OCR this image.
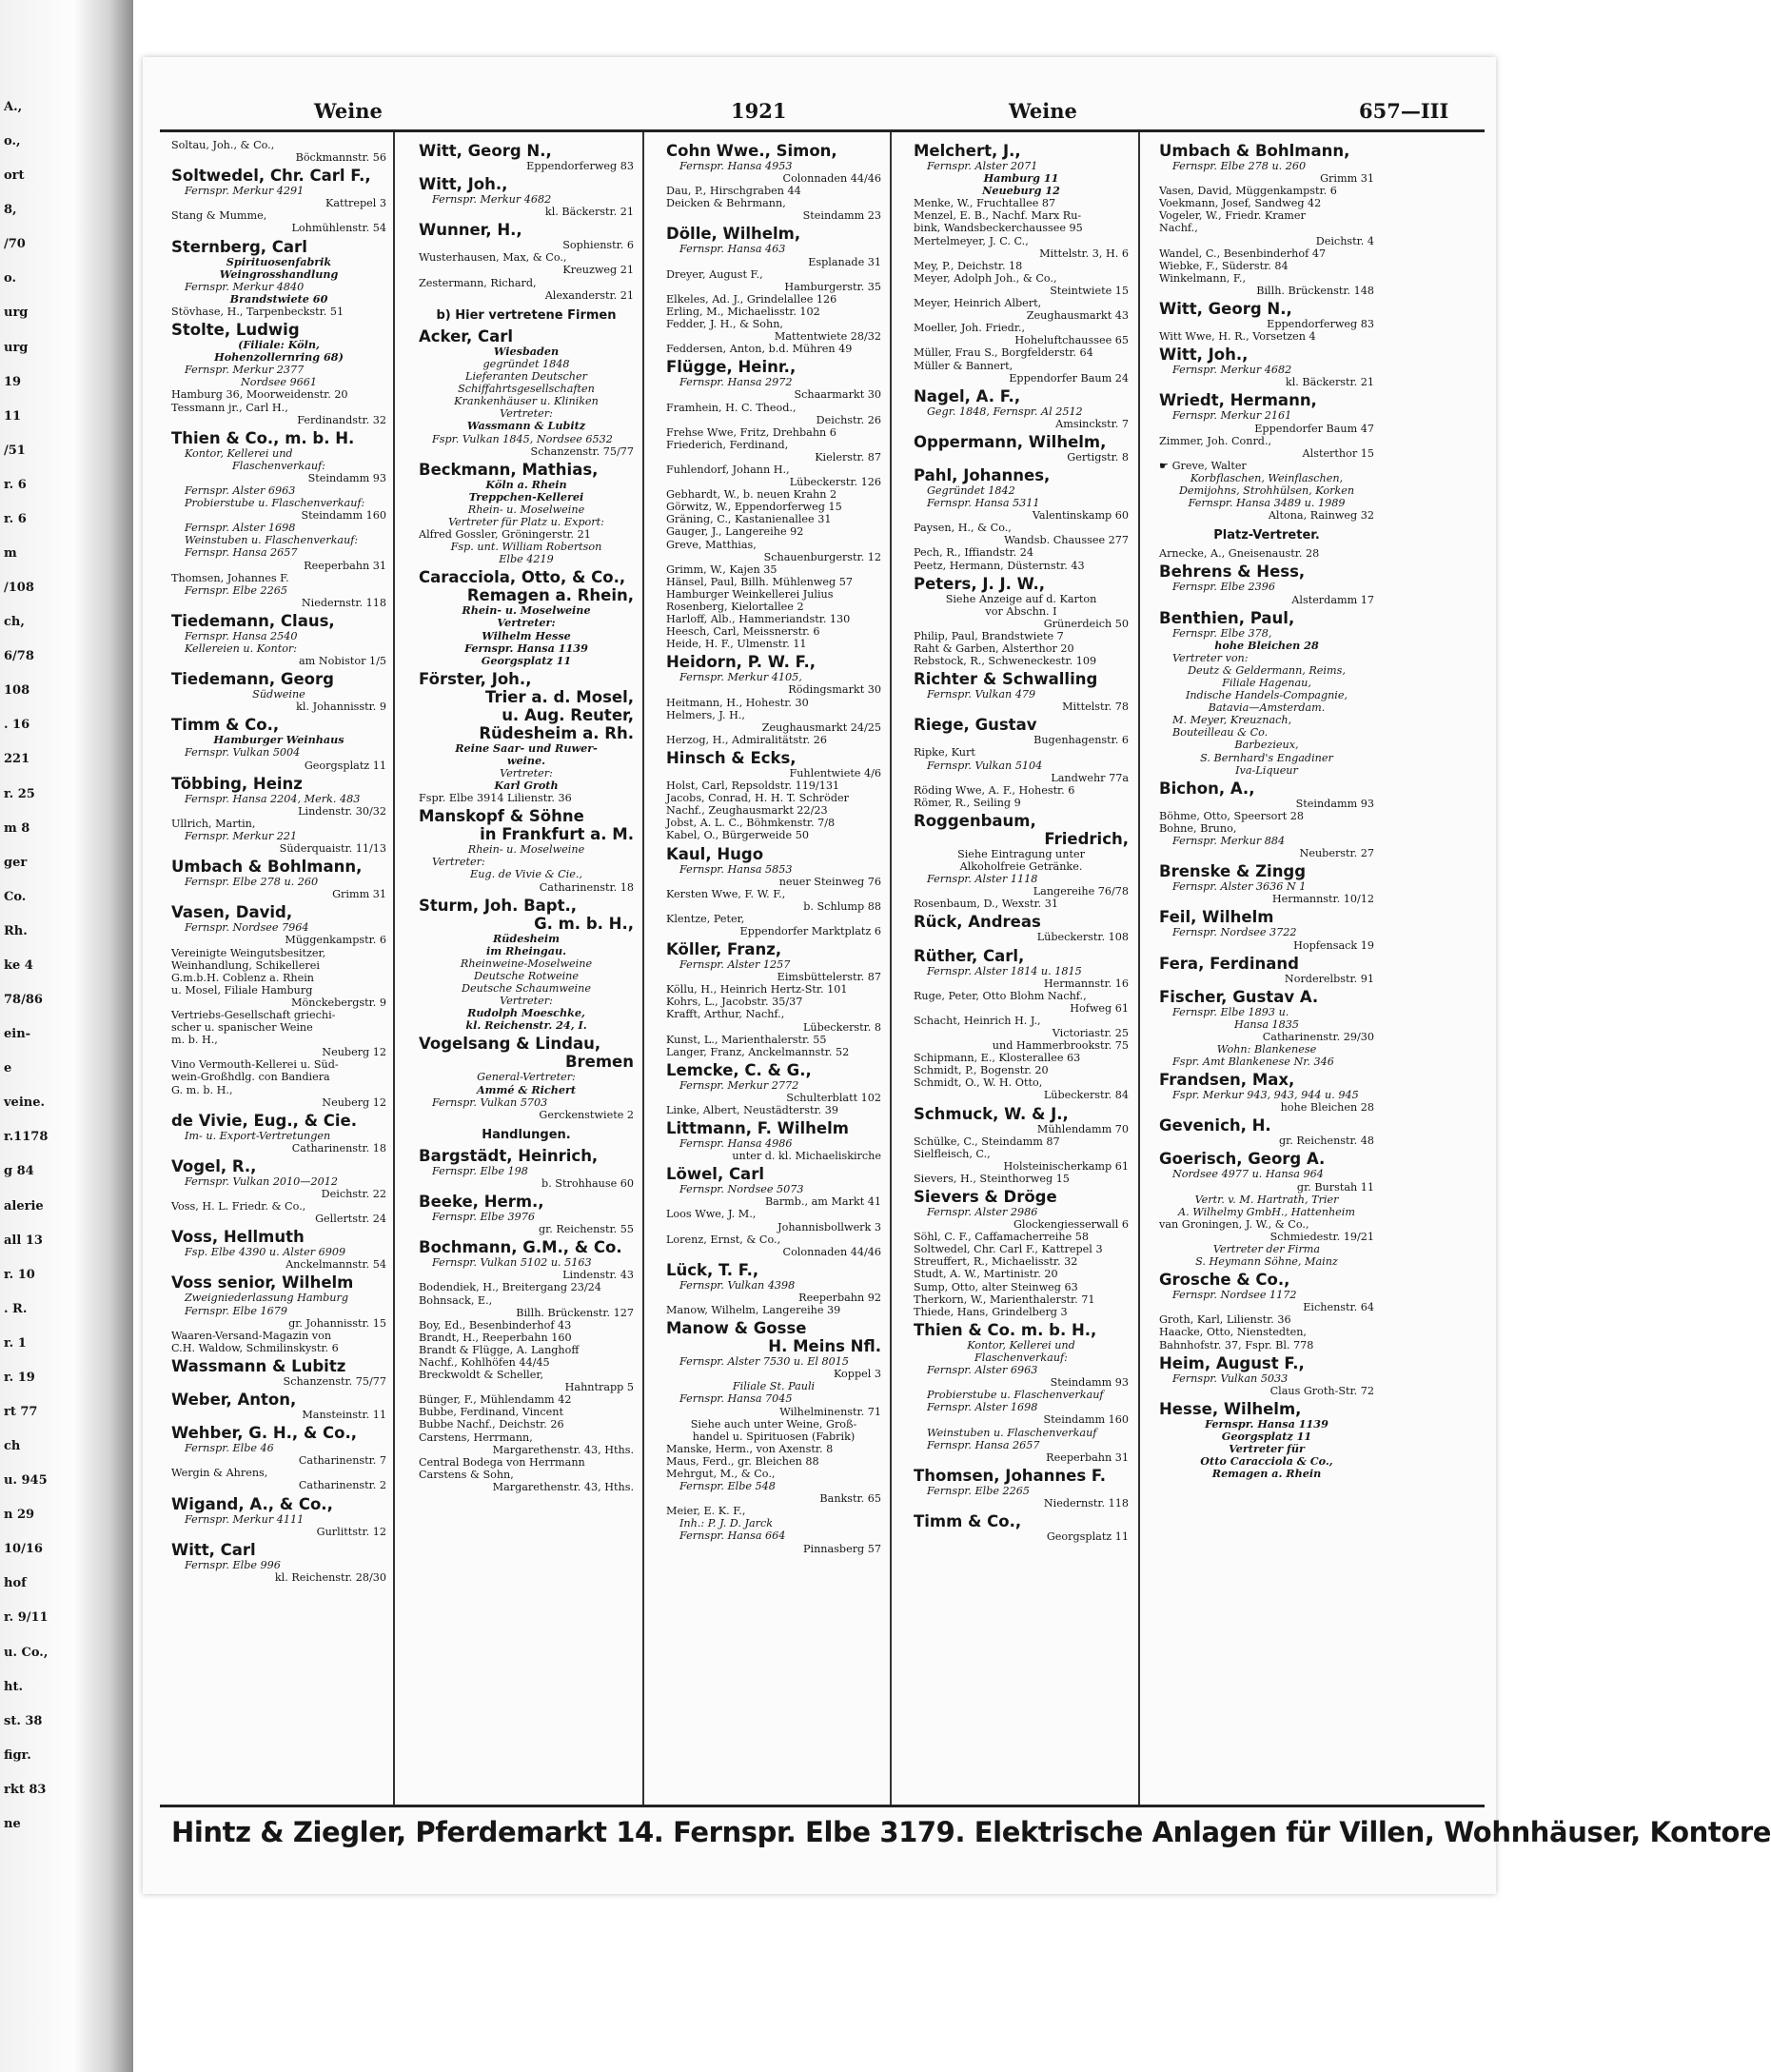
A.,
o.,
ort
8,
/70
o.
urg
urg
19
11
/51
r. 6
r. 6
m
/108
ch,
6/78
108
. 16
221
r. 25
m 8
ger
Co.
Rh.
ke 4
78/86
ein-
e
veine.
r.1178
g 84
alerie
all 13
r. 10
. R.
r. 1
r. 19
rt 77
ch
u. 945
n 29
10/16
hof
r. 9/11
u. Co.,
ht.
st. 38
figr.
rkt 83
ne
Weine	1921	Weine	657—III
Soltau, Joh., & Co.,
Böckmannstr. 56
Soltwedel, Chr. Carl F.,
Fernspr. Merkur 4291
Kattrepel 3
Stang & Mumme,
Lohmühlenstr. 54
Sternberg, Carl
Spirituosenfabrik
Weingrosshandlung
Fernspr. Merkur 4840
Brandstwiete 60
Stövhase, H., Tarpenbeckstr. 51
Stolte, Ludwig
(Filiale: Köln,
Hohenzollernring 68)
Fernspr. Merkur 2377
Nordsee 9661
Hamburg 36, Moorweidenstr. 20
Tessmann jr., Carl H.,
Ferdinandstr. 32
Thien & Co., m. b. H.
Kontor, Kellerei und
Flaschenverkauf:
Steindamm 93
Fernspr. Alster 6963
Probierstube u. Flaschenverkauf:
Steindamm 160
Fernspr. Alster 1698
Weinstuben u. Flaschenverkauf:
Fernspr. Hansa 2657
Reeperbahn 31
Thomsen, Johannes F.
Fernspr. Elbe 2265
Niedernstr. 118
Tiedemann, Claus,
Fernspr. Hansa 2540
Kellereien u. Kontor:
am Nobistor 1/5
Tiedemann, Georg
Südweine
kl. Johannisstr. 9
Timm & Co.,
Hamburger Weinhaus
Fernspr. Vulkan 5004
Georgsplatz 11
Többing, Heinz
Fernspr. Hansa 2204, Merk. 483
Lindenstr. 30/32
Ullrich, Martin,
Fernspr. Merkur 221
Süderquaistr. 11/13
Umbach & Bohlmann,
Fernspr. Elbe 278 u. 260
Grimm 31
Vasen, David,
Fernspr. Nordsee 7964
Müggenkampstr. 6
Vereinigte Weingutsbesitzer,
Weinhandlung, Schikellerei
G.m.b.H. Coblenz a. Rhein
u. Mosel, Filiale Hamburg
Mönckebergstr. 9
Vertriebs-Gesellschaft griechi-
scher u. spanischer Weine
m. b. H.,
Neuberg 12
Vino Vermouth-Kellerei u. Süd-
wein-Großhdlg. con Bandiera
G. m. b. H.,
Neuberg 12
de Vivie, Eug., & Cie.
Im- u. Export-Vertretungen
Catharinenstr. 18
Vogel, R.,
Fernspr. Vulkan 2010—2012
Deichstr. 22
Voss, H. L. Friedr. & Co.,
Gellertstr. 24
Voss, Hellmuth
Fsp. Elbe 4390 u. Alster 6909
Anckelmannstr. 54
Voss senior, Wilhelm
Zweigniederlassung Hamburg
Fernspr. Elbe 1679
gr. Johannisstr. 15
Waaren-Versand-Magazin von
C.H. Waldow, Schmilinskystr. 6
Wassmann & Lubitz
Schanzenstr. 75/77
Weber, Anton,
Mansteinstr. 11
Wehber, G. H., & Co.,
Fernspr. Elbe 46
Catharinenstr. 7
Wergin & Ahrens,
Catharinenstr. 2
Wigand, A., & Co.,
Fernspr. Merkur 4111
Gurlittstr. 12
Witt, Carl
Fernspr. Elbe 996
kl. Reichenstr. 28/30
Witt, Georg N.,
Eppendorferweg 83
Witt, Joh.,
Fernspr. Merkur 4682
kl. Bäckerstr. 21
Wunner, H.,
Sophienstr. 6
Wusterhausen, Max, & Co.,
Kreuzweg 21
Zestermann, Richard,
Alexanderstr. 21
b) Hier vertretene Firmen
Acker, Carl
Wiesbaden
gegründet 1848
Lieferanten Deutscher
Schiffahrtsgesellschaften
Krankenhäuser u. Kliniken
Vertreter:
Wassmann & Lubitz
Fspr. Vulkan 1845, Nordsee 6532
Schanzenstr. 75/77
Beckmann, Mathias,
Köln a. Rhein
Treppchen-Kellerei
Rhein- u. Moselweine
Vertreter für Platz u. Export:
Alfred Gossler, Gröningerstr. 21
Fsp. unt. William Robertson
Elbe 4219
Caracciola, Otto, & Co.,
Remagen a. Rhein,
Rhein- u. Moselweine
Vertreter:
Wilhelm Hesse
Fernspr. Hansa 1139
Georgsplatz 11
Förster, Joh.,
Trier a. d. Mosel,
u. Aug. Reuter,
Rüdesheim a. Rh.
Reine Saar- und Ruwer-
weine.
Vertreter:
Karl Groth
Fspr. Elbe 3914 Lilienstr. 36
Manskopf & Söhne
in Frankfurt a. M.
Rhein- u. Moselweine
Vertreter:
Eug. de Vivie & Cie.,
Catharinenstr. 18
Sturm, Joh. Bapt.,
G. m. b. H.,
Rüdesheim
im Rheingau.
Rheinweine-Moselweine
Deutsche Rotweine
Deutsche Schaumweine
Vertreter:
Rudolph Moeschke,
kl. Reichenstr. 24, I.
Vogelsang & Lindau,
Bremen
General-Vertreter:
Ammé & Richert
Fernspr. Vulkan 5703
Gerckenstwiete 2
Handlungen.
Bargstädt, Heinrich,
Fernspr. Elbe 198
b. Strohhause 60
Beeke, Herm.,
Fernspr. Elbe 3976
gr. Reichenstr. 55
Bochmann, G.M., & Co.
Fernspr. Vulkan 5102 u. 5163
Lindenstr. 43
Bodendiek, H., Breitergang 23/24
Bohnsack, E.,
Billh. Brückenstr. 127
Boy, Ed., Besenbinderhof 43
Brandt, H., Reeperbahn 160
Brandt & Flügge, A. Langhoff
Nachf., Kohlhöfen 44/45
Breckwoldt & Scheller,
Hahntrapp 5
Bünger, F., Mühlendamm 42
Bubbe, Ferdinand, Vincent
Bubbe Nachf., Deichstr. 26
Carstens, Herrmann,
Margarethenstr. 43, Hths.
Central Bodega von Herrmann
Carstens & Sohn,
Margarethenstr. 43, Hths.
Cohn Wwe., Simon,
Fernspr. Hansa 4953
Colonnaden 44/46
Dau, P., Hirschgraben 44
Deicken & Behrmann,
Steindamm 23
Dölle, Wilhelm,
Fernspr. Hansa 463
Esplanade 31
Dreyer, August F.,
Hamburgerstr. 35
Elkeles, Ad. J., Grindelallee 126
Erling, M., Michaelisstr. 102
Fedder, J. H., & Sohn,
Mattentwiete 28/32
Feddersen, Anton, b.d. Mühren 49
Flügge, Heinr.,
Fernspr. Hansa 2972
Schaarmarkt 30
Framhein, H. C. Theod.,
Deichstr. 26
Frehse Wwe, Fritz, Drehbahn 6
Friederich, Ferdinand,
Kielerstr. 87
Fuhlendorf, Johann H.,
Lübeckerstr. 126
Gebhardt, W., b. neuen Krahn 2
Görwitz, W., Eppendorferweg 15
Gräning, C., Kastanienallee 31
Gauger, J., Langereihe 92
Greve, Matthias,
Schauenburgerstr. 12
Grimm, W., Kajen 35
Hänsel, Paul, Billh. Mühlenweg 57
Hamburger Weinkellerei Julius
Rosenberg, Kielortallee 2
Harloff, Alb., Hammeriandstr. 130
Heesch, Carl, Meissnerstr. 6
Heide, H. F., Ulmenstr. 11
Heidorn, P. W. F.,
Fernspr. Merkur 4105,
Rödingsmarkt 30
Heitmann, H., Hohestr. 30
Helmers, J. H.,
Zeughausmarkt 24/25
Herzog, H., Admiralitätstr. 26
Hinsch & Ecks,
Fuhlentwiete 4/6
Holst, Carl, Repsoldstr. 119/131
Jacobs, Conrad, H. H. T. Schröder
Nachf., Zeughausmarkt 22/23
Jobst, A. L. C., Böhmkenstr. 7/8
Kabel, O., Bürgerweide 50
Kaul, Hugo
Fernspr. Hansa 5853
neuer Steinweg 76
Kersten Wwe, F. W. F.,
b. Schlump 88
Klentze, Peter,
Eppendorfer Marktplatz 6
Köller, Franz,
Fernspr. Alster 1257
Eimsbüttelerstr. 87
Köllu, H., Heinrich Hertz-Str. 101
Kohrs, L., Jacobstr. 35/37
Krafft, Arthur, Nachf.,
Lübeckerstr. 8
Kunst, L., Marienthalerstr. 55
Langer, Franz, Anckelmannstr. 52
Lemcke, C. & G.,
Fernspr. Merkur 2772
Schulterblatt 102
Linke, Albert, Neustädterstr. 39
Littmann, F. Wilhelm
Fernspr. Hansa 4986
unter d. kl. Michaeliskirche
Löwel, Carl
Fernspr. Nordsee 5073
Barmb., am Markt 41
Loos Wwe, J. M.,
Johannisbollwerk 3
Lorenz, Ernst, & Co.,
Colonnaden 44/46
Lück, T. F.,
Fernspr. Vulkan 4398
Reeperbahn 92
Manow, Wilhelm, Langereihe 39
Manow & Gosse
H. Meins Nfl.
Fernspr. Alster 7530 u. El 8015
Koppel 3
Filiale St. Pauli
Fernspr. Hansa 7045
Wilhelminenstr. 71
Siehe auch unter Weine, Groß-
handel u. Spirituosen (Fabrik)
Manske, Herm., von Axenstr. 8
Maus, Ferd., gr. Bleichen 88
Mehrgut, M., & Co.,
Fernspr. Elbe 548
Bankstr. 65
Meier, E. K. F.,
Inh.: P. J. D. Jarck
Fernspr. Hansa 664
Pinnasberg 57
Melchert, J.,
Fernspr. Alster 2071
Hamburg 11
Neueburg 12
Menke, W., Fruchtallee 87
Menzel, E. B., Nachf. Marx Ru-
bink, Wandsbeckerchaussee 95
Mertelmeyer, J. C. C.,
Mittelstr. 3, H. 6
Mey, P., Deichstr. 18
Meyer, Adolph Joh., & Co.,
Steintwiete 15
Meyer, Heinrich Albert,
Zeughausmarkt 43
Moeller, Joh. Friedr.,
Hoheluftchaussee 65
Müller, Frau S., Borgfelderstr. 64
Müller & Bannert,
Eppendorfer Baum 24
Nagel, A. F.,
Gegr. 1848, Fernspr. Al 2512
Amsinckstr. 7
Oppermann, Wilhelm,
Gertigstr. 8
Pahl, Johannes,
Gegründet 1842
Fernspr. Hansa 5311
Valentinskamp 60
Paysen, H., & Co.,
Wandsb. Chaussee 277
Pech, R., Iffiandstr. 24
Peetz, Hermann, Düsternstr. 43
Peters, J. J. W.,
Siehe Anzeige auf d. Karton
vor Abschn. I
Grünerdeich 50
Philip, Paul, Brandstwiete 7
Raht & Garben, Alsterthor 20
Rebstock, R., Schweneckestr. 109
Richter & Schwalling
Fernspr. Vulkan 479
Mittelstr. 78
Riege, Gustav
Bugenhagenstr. 6
Ripke, Kurt
Fernspr. Vulkan 5104
Landwehr 77a
Röding Wwe, A. F., Hohestr. 6
Römer, R., Seiling 9
Roggenbaum,
Friedrich,
Siehe Eintragung unter
Alkoholfreie Getränke.
Fernspr. Alster 1118
Langereihe 76/78
Rosenbaum, D., Wexstr. 31
Rück, Andreas
Lübeckerstr. 108
Rüther, Carl,
Fernspr. Alster 1814 u. 1815
Hermannstr. 16
Ruge, Peter, Otto Blohm Nachf.,
Hofweg 61
Schacht, Heinrich H. J.,
Victoriastr. 25
und Hammerbrookstr. 75
Schipmann, E., Klosterallee 63
Schmidt, P., Bogenstr. 20
Schmidt, O., W. H. Otto,
Lübeckerstr. 84
Schmuck, W. & J.,
Mühlendamm 70
Schülke, C., Steindamm 87
Sielfleisch, C.,
Holsteinischerkamp 61
Sievers, H., Steinthorweg 15
Sievers & Dröge
Fernspr. Alster 2986
Glockengiesserwall 6
Söhl, C. F., Caffamacherreihe 58
Soltwedel, Chr. Carl F., Kattrepel 3
Streuffert, R., Michaelisstr. 32
Studt, A. W., Martinistr. 20
Sump, Otto, alter Steinweg 63
Therkorn, W., Marienthalerstr. 71
Thiede, Hans, Grindelberg 3
Thien & Co. m. b. H.,
Kontor, Kellerei und
Flaschenverkauf:
Fernspr. Alster 6963
Steindamm 93
Probierstube u. Flaschenverkauf
Fernspr. Alster 1698
Steindamm 160
Weinstuben u. Flaschenverkauf
Fernspr. Hansa 2657
Reeperbahn 31
Thomsen, Johannes F.
Fernspr. Elbe 2265
Niedernstr. 118
Timm & Co.,
Georgsplatz 11
Umbach & Bohlmann,
Fernspr. Elbe 278 u. 260
Grimm 31
Vasen, David, Müggenkampstr. 6
Voekmann, Josef, Sandweg 42
Vogeler, W., Friedr. Kramer
Nachf.,
Deichstr. 4
Wandel, C., Besenbinderhof 47
Wiebke, F., Süderstr. 84
Winkelmann, F.,
Billh. Brückenstr. 148
Witt, Georg N.,
Eppendorferweg 83
Witt Wwe, H. R., Vorsetzen 4
Witt, Joh.,
Fernspr. Merkur 4682
kl. Bäckerstr. 21
Wriedt, Hermann,
Fernspr. Merkur 2161
Eppendorfer Baum 47
Zimmer, Joh. Conrd.,
Alsterthor 15
☛ Greve, Walter
Korbflaschen, Weinflaschen,
Demijohns, Strohhülsen, Korken
Fernspr. Hansa 3489 u. 1989
Altona, Rainweg 32
Platz-Vertreter.
Arnecke, A., Gneisenaustr. 28
Behrens & Hess,
Fernspr. Elbe 2396
Alsterdamm 17
Benthien, Paul,
Fernspr. Elbe 378,
hohe Bleichen 28
Vertreter von:
Deutz & Geldermann, Reims,
Filiale Hagenau,
Indische Handels-Compagnie,
Batavia—Amsterdam.
M. Meyer, Kreuznach,
Bouteilleau & Co.
Barbezieux,
S. Bernhard's Engadiner
Iva-Liqueur
Bichon, A.,
Steindamm 93
Böhme, Otto, Speersort 28
Bohne, Bruno,
Fernspr. Merkur 884
Neuberstr. 27
Brenske & Zingg
Fernspr. Alster 3636 N 1
Hermannstr. 10/12
Feil, Wilhelm
Fernspr. Nordsee 3722
Hopfensack 19
Fera, Ferdinand
Norderelbstr. 91
Fischer, Gustav A.
Fernspr. Elbe 1893 u.
Hansa 1835
Catharinenstr. 29/30
Wohn: Blankenese
Fspr. Amt Blankenese Nr. 346
Frandsen, Max,
Fspr. Merkur 943, 943, 944 u. 945
hohe Bleichen 28
Gevenich, H.
gr. Reichenstr. 48
Goerisch, Georg A.
Nordsee 4977 u. Hansa 964
gr. Burstah 11
Vertr. v. M. Hartrath, Trier
A. Wilhelmy GmbH., Hattenheim
van Groningen, J. W., & Co.,
Schmiedestr. 19/21
Vertreter der Firma
S. Heymann Söhne, Mainz
Grosche & Co.,
Fernspr. Nordsee 1172
Eichenstr. 64
Groth, Karl, Lilienstr. 36
Haacke, Otto, Nienstedten,
Bahnhofstr. 37, Fspr. Bl. 778
Heim, August F.,
Fernspr. Vulkan 5033
Claus Groth-Str. 72
Hesse, Wilhelm,
Fernspr. Hansa 1139
Georgsplatz 11
Vertreter für
Otto Caracciola & Co.,
Remagen a. Rhein
Hintz & Ziegler, Pferdemarkt 14. Fernspr. Elbe 3179. Elektrische Anlagen für Villen, Wohnhäuser, Kontore
